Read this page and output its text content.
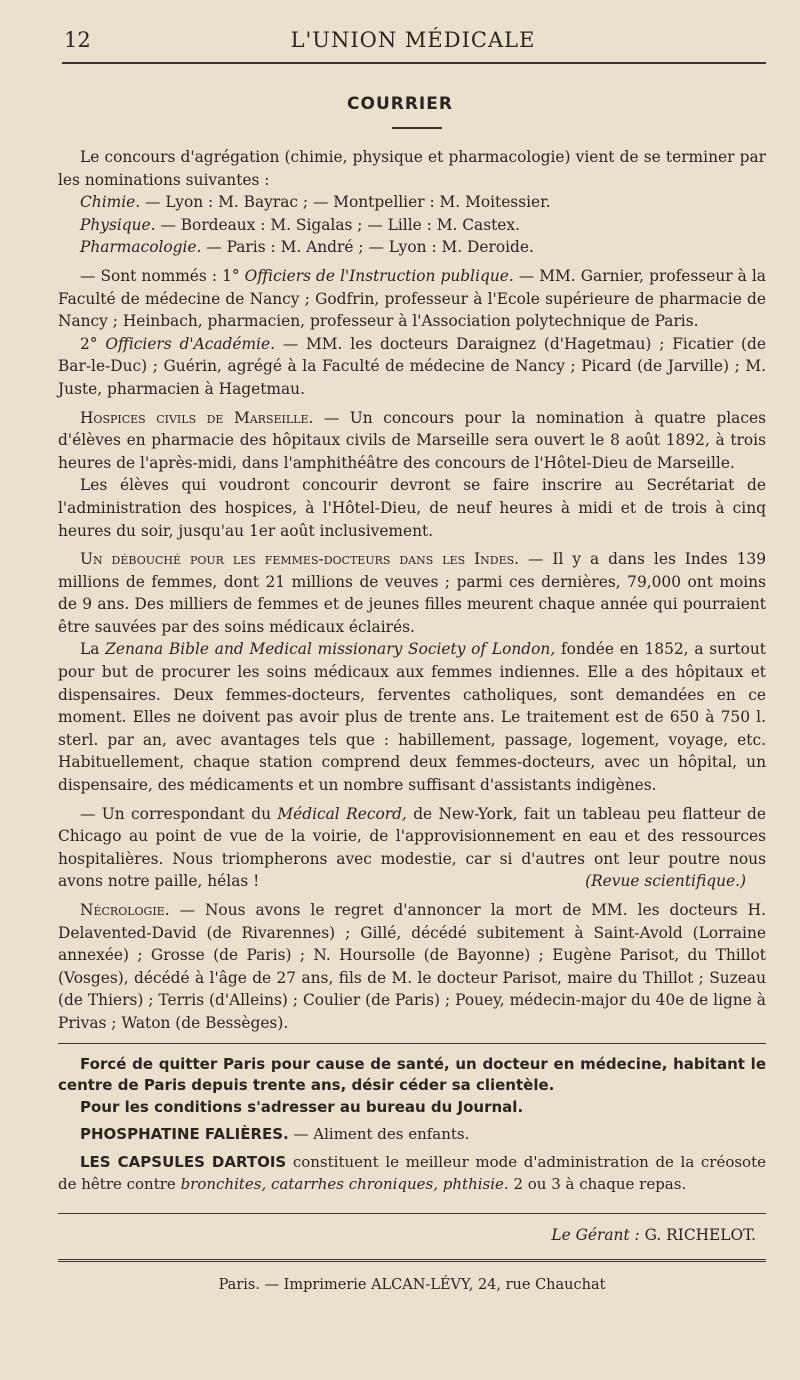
12	L'UNION MÉDICALE
COURRIER

Le concours d'agrégation (chimie, physique et pharmacologie) vient de se terminer par les nominations suivantes :

Chimie. — Lyon : M. Bayrac ; — Montpellier : M. Moitessier.

Physique. — Bordeaux : M. Sigalas ; — Lille : M. Castex.

Pharmacologie. — Paris : M. André ; — Lyon : M. Deroide.

— Sont nommés : 1° Officiers de l'Instruction publique. — MM. Garnier, professeur à la Faculté de médecine de Nancy ; Godfrin, professeur à l'Ecole supérieure de pharmacie de Nancy ; Heinbach, pharmacien, professeur à l'Association polytechnique de Paris.

2° Officiers d'Académie. — MM. les docteurs Daraignez (d'Hagetmau) ; Ficatier (de Bar-le-Duc) ; Guérin, agrégé à la Faculté de médecine de Nancy ; Picard (de Jarville) ; M. Juste, pharmacien à Hagetmau.

Hospices civils de Marseille. — Un concours pour la nomination à quatre places d'élèves en pharmacie des hôpitaux civils de Marseille sera ouvert le 8 août 1892, à trois heures de l'après-midi, dans l'amphithéâtre des concours de l'Hôtel-Dieu de Marseille.

Les élèves qui voudront concourir devront se faire inscrire au Secrétariat de l'administration des hospices, à l'Hôtel-Dieu, de neuf heures à midi et de trois à cinq heures du soir, jusqu'au 1er août inclusivement.

Un débouché pour les femmes-docteurs dans les Indes. — Il y a dans les Indes 139 millions de femmes, dont 21 millions de veuves ; parmi ces dernières, 79,000 ont moins de 9 ans. Des milliers de femmes et de jeunes filles meurent chaque année qui pourraient être sauvées par des soins médicaux éclairés.

La Zenana Bible and Medical missionary Society of London, fondée en 1852, a surtout pour but de procurer les soins médicaux aux femmes indiennes. Elle a des hôpitaux et dispensaires. Deux femmes-docteurs, ferventes catholiques, sont demandées en ce moment. Elles ne doivent pas avoir plus de trente ans. Le traitement est de 650 à 750 l. sterl. par an, avec avantages tels que : habillement, passage, logement, voyage, etc. Habituellement, chaque station comprend deux femmes-docteurs, avec un hôpital, un dispensaire, des médicaments et un nombre suffisant d'assistants indigènes.

— Un correspondant du Médical Record, de New-York, fait un tableau peu flatteur de Chicago au point de vue de la voirie, de l'approvisionnement en eau et des ressources hospitalières. Nous triompherons avec modestie, car si d'autres ont leur poutre nous avons notre paille, hélas !	(Revue scientifique.)

Nécrologie. — Nous avons le regret d'annoncer la mort de MM. les docteurs H. Delavented-David (de Rivarennes) ; Gillé, décédé subitement à Saint-Avold (Lorraine annexée) ; Grosse (de Paris) ; N. Hoursolle (de Bayonne) ; Eugène Parisot, du Thillot (Vosges), décédé à l'âge de 27 ans, fils de M. le docteur Parisot, maire du Thillot ; Suzeau (de Thiers) ; Terris (d'Alleins) ; Coulier (de Paris) ; Pouey, médecin-major du 40e de ligne à Privas ; Waton (de Bessèges).

Forcé de quitter Paris pour cause de santé, un docteur en médecine, habitant le centre de Paris depuis trente ans, désir céder sa clientèle.

Pour les conditions s'adresser au bureau du Journal.

PHOSPHATINE FALIÈRES. — Aliment des enfants.

LES CAPSULES DARTOIS constituent le meilleur mode d'administration de la créosote de hêtre contre bronchites, catarrhes chroniques, phthisie. 2 ou 3 à chaque repas.

Le Gérant : G. RICHELOT.

Paris. — Imprimerie ALCAN-LÉVY, 24, rue Chauchat
